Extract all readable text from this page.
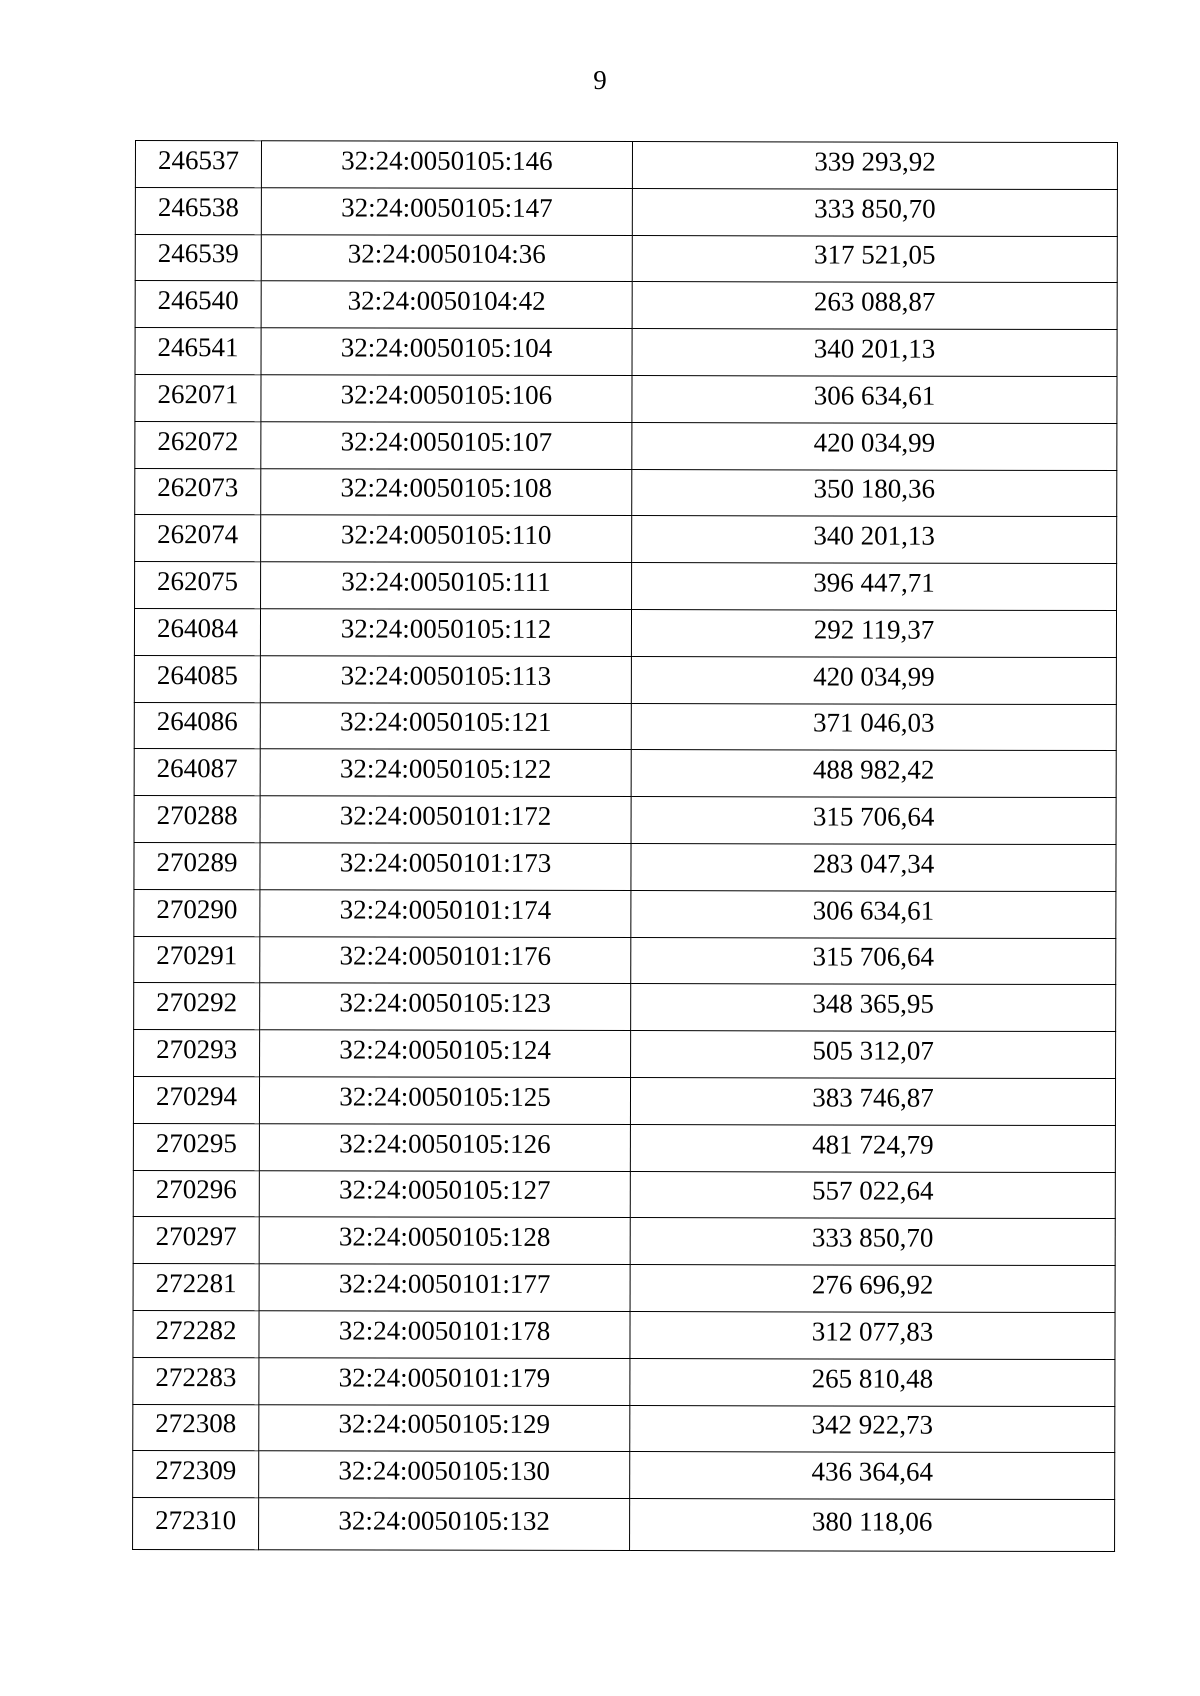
9
246537	32:24:0050105:146	339 293,92
246538	32:24:0050105:147	333 850,70
246539	32:24:0050104:36	317 521,05
246540	32:24:0050104:42	263 088,87
246541	32:24:0050105:104	340 201,13
262071	32:24:0050105:106	306 634,61
262072	32:24:0050105:107	420 034,99
262073	32:24:0050105:108	350 180,36
262074	32:24:0050105:110	340 201,13
262075	32:24:0050105:111	396 447,71
264084	32:24:0050105:112	292 119,37
264085	32:24:0050105:113	420 034,99
264086	32:24:0050105:121	371 046,03
264087	32:24:0050105:122	488 982,42
270288	32:24:0050101:172	315 706,64
270289	32:24:0050101:173	283 047,34
270290	32:24:0050101:174	306 634,61
270291	32:24:0050101:176	315 706,64
270292	32:24:0050105:123	348 365,95
270293	32:24:0050105:124	505 312,07
270294	32:24:0050105:125	383 746,87
270295	32:24:0050105:126	481 724,79
270296	32:24:0050105:127	557 022,64
270297	32:24:0050105:128	333 850,70
272281	32:24:0050101:177	276 696,92
272282	32:24:0050101:178	312 077,83
272283	32:24:0050101:179	265 810,48
272308	32:24:0050105:129	342 922,73
272309	32:24:0050105:130	436 364,64
272310	32:24:0050105:132	380 118,06
